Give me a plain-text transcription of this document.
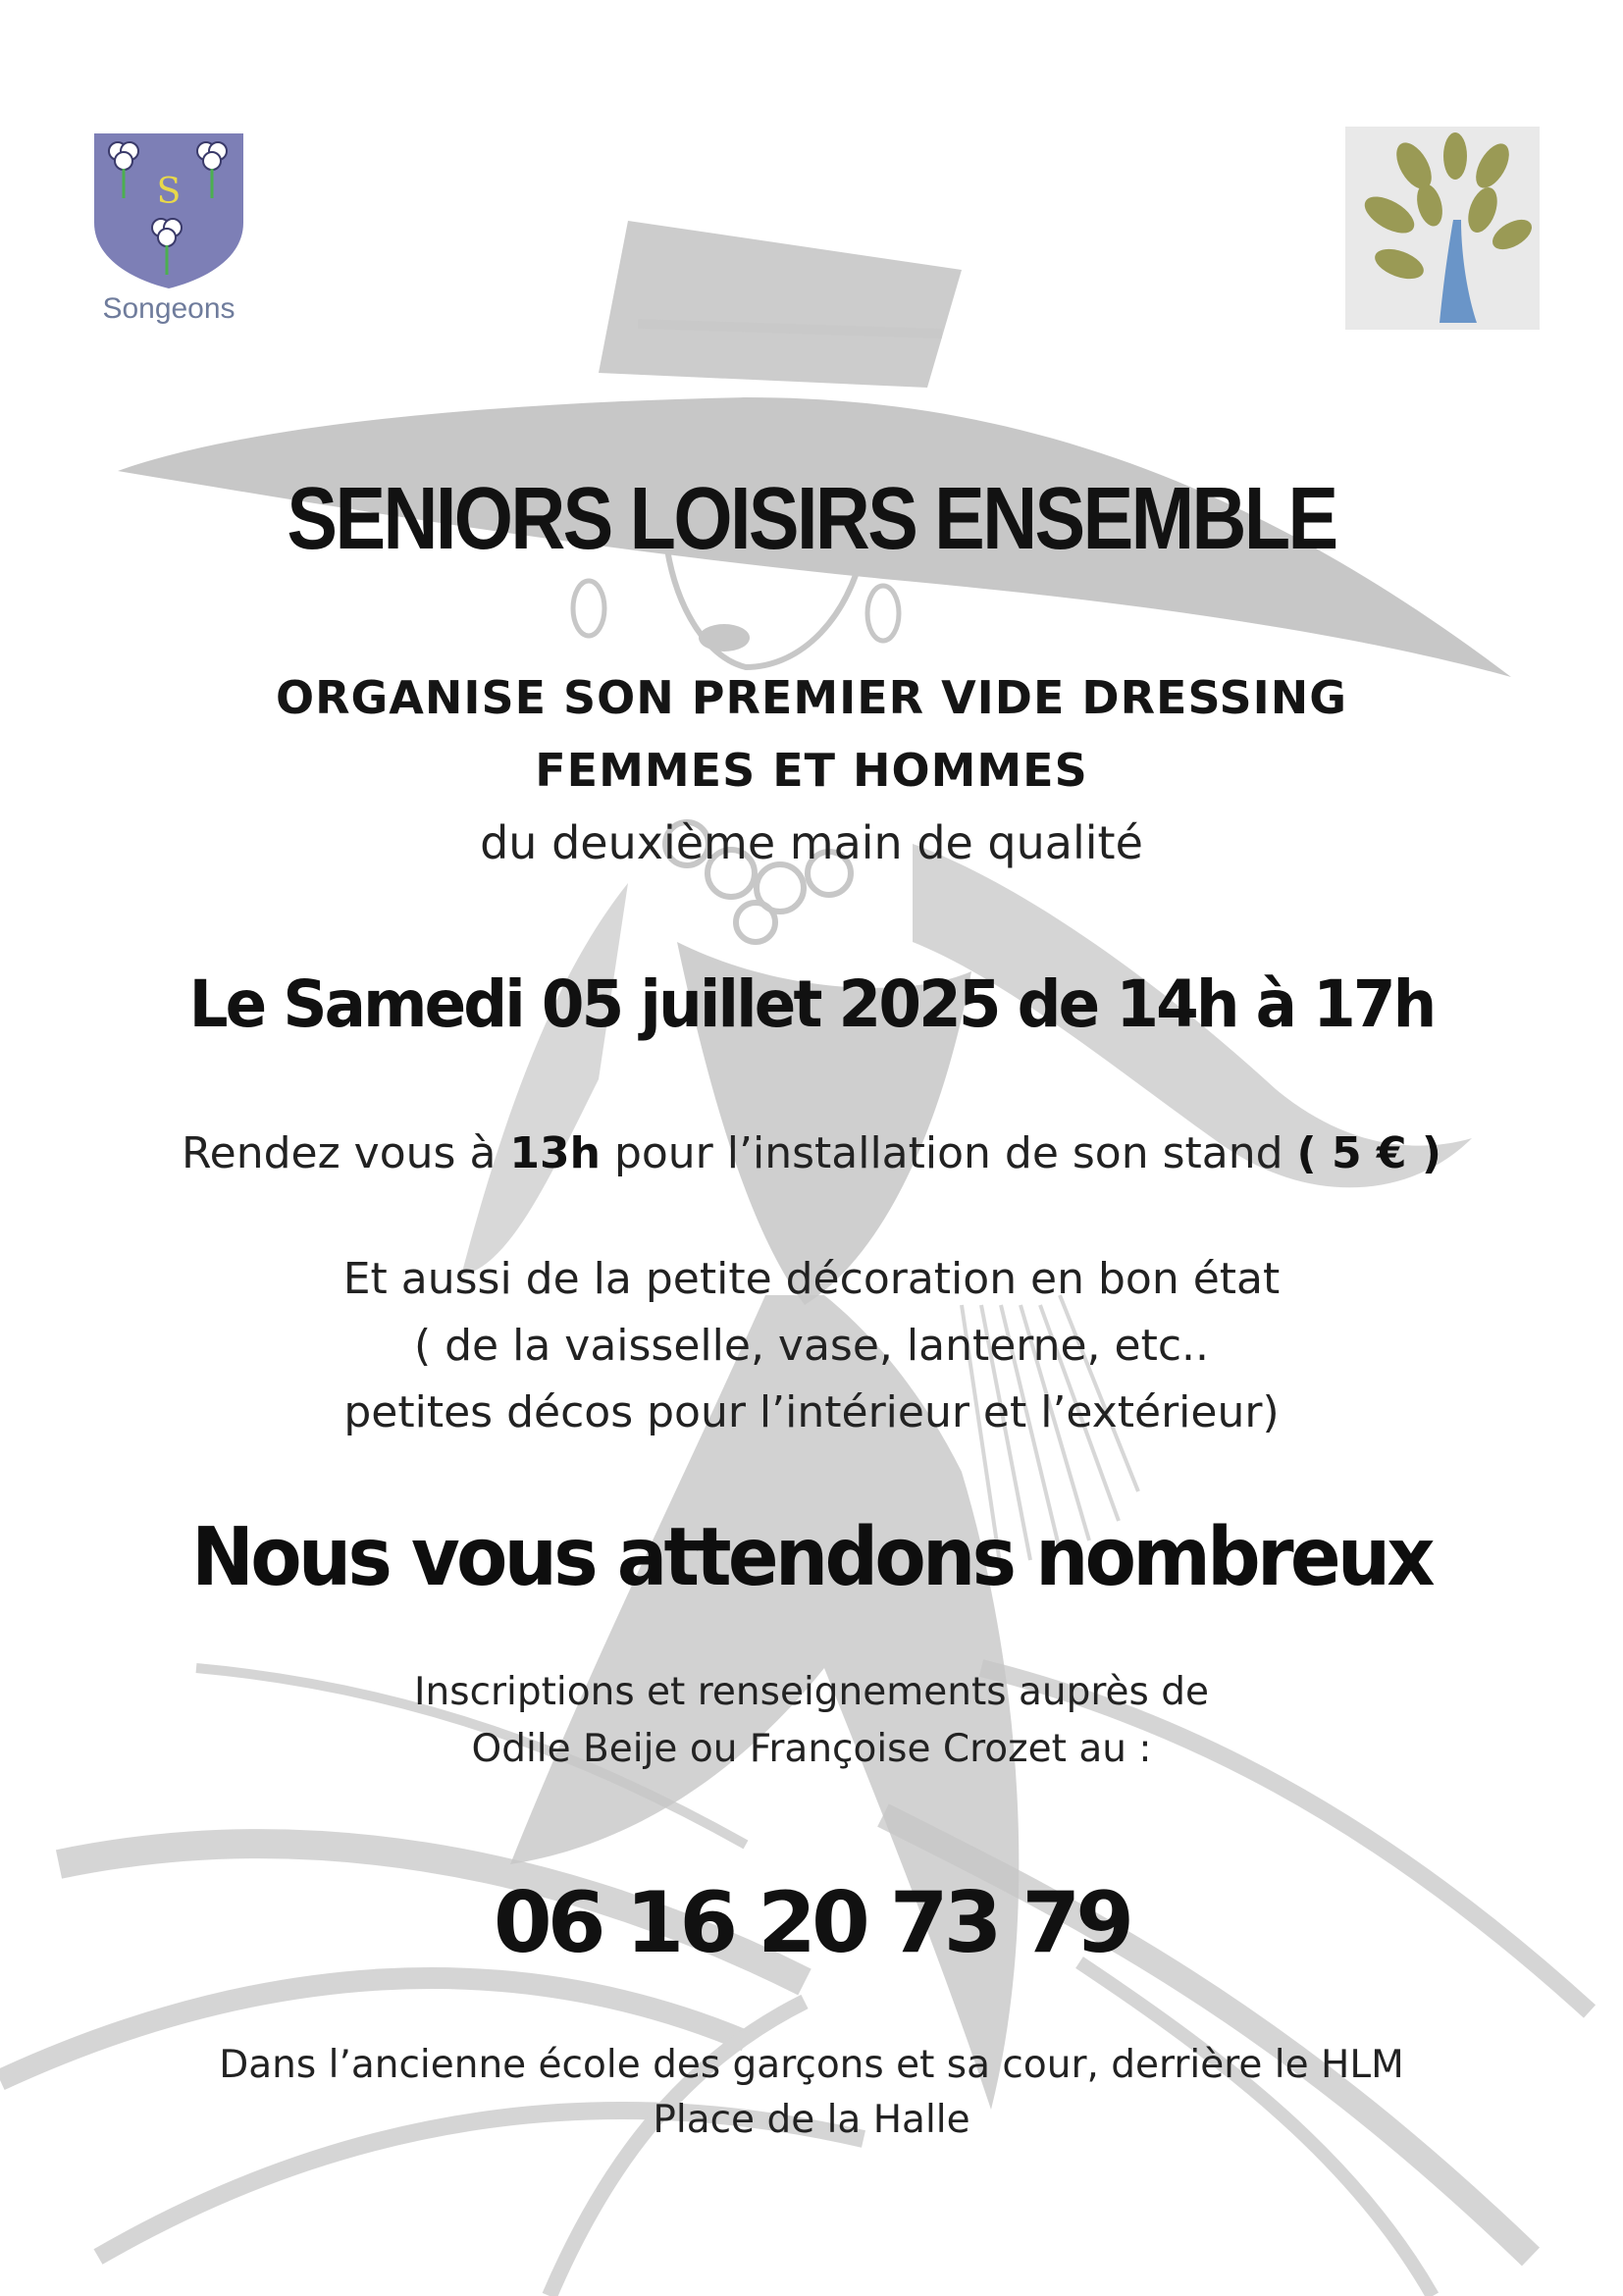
S
Songeons
SENIORS LOISIRS ENSEMBLE
ORGANISE SON PREMIER VIDE DRESSING
FEMMES ET HOMMES
du deuxième main de qualité
Le Samedi 05 juillet 2025 de 14h à 17h
Rendez vous à 13h pour l’installation de son stand ( 5 € )
Et aussi de la petite décoration en bon état
( de la vaisselle, vase, lanterne, etc..
petites décos pour l’intérieur et l’extérieur)
Nous vous attendons nombreux
Inscriptions et renseignements auprès de
Odile Beije ou Françoise Crozet au :
06 16 20 73 79
Dans l’ancienne école des garçons et sa cour, derrière le HLM
Place de la Halle
